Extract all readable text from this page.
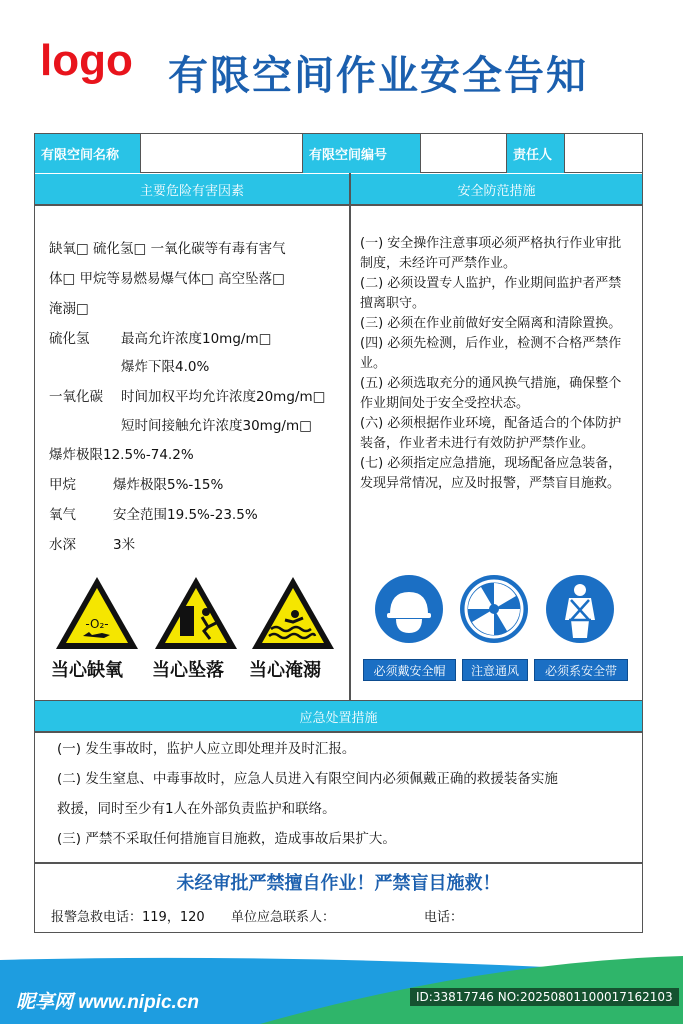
logo 有限空间作业安全告知
有限空间名称	有限空间编号	责任人
主要危险有害因素	安全防范措施
缺氧□ 硫化氢□ 一氧化碳等有毒有害气
体□ 甲烷等易燃易爆气体□ 高空坠落□
淹溺□
硫化氢 最高允许浓度10mg/m□
爆炸下限4.0%
一氧化碳 时间加权平均允许浓度20mg/m□
短时间接触允许浓度30mg/m□
爆炸极限12.5%-74.2%
甲烷	爆炸极限5%-15%
氧气	安全范围19.5%-23.5%
水深	3米
-O₂-
当心缺氧 当心坠落 当心淹溺

(一) 安全操作注意事项必须严格执行作业审批制度，未经许可严禁作业。

(二) 必须设置专人监护，作业期间监护者严禁擅离职守。

(三) 必须在作业前做好安全隔离和清除置换。

(四) 必须先检测，后作业，检测不合格严禁作业。

(五) 必须选取充分的通风换气措施，确保整个作业期间处于安全受控状态。

(六) 必须根据作业环境，配备适合的个体防护装备，作业者未进行有效防护严禁作业。

(七) 必须指定应急措施，现场配备应急装备，发现异常情况，应及时报警，严禁盲目施救。

必须戴安全帽	注意通风	必须系安全带
应急处置措施
(一) 发生事故时，监护人应立即处理并及时汇报。
(二) 发生窒息、中毒事故时，应急人员进入有限空间内必须佩戴正确的救援装备实施
救援，同时至少有1人在外部负责监护和联络。
(三) 严禁不采取任何措施盲目施救，造成事故后果扩大。
未经审批严禁擅自作业！严禁盲目施救！
报警急救电话：119，120 单位应急联系人：	电话：
昵享网 www.nipic.cn	ID:33817746 NO:20250801100017162103
